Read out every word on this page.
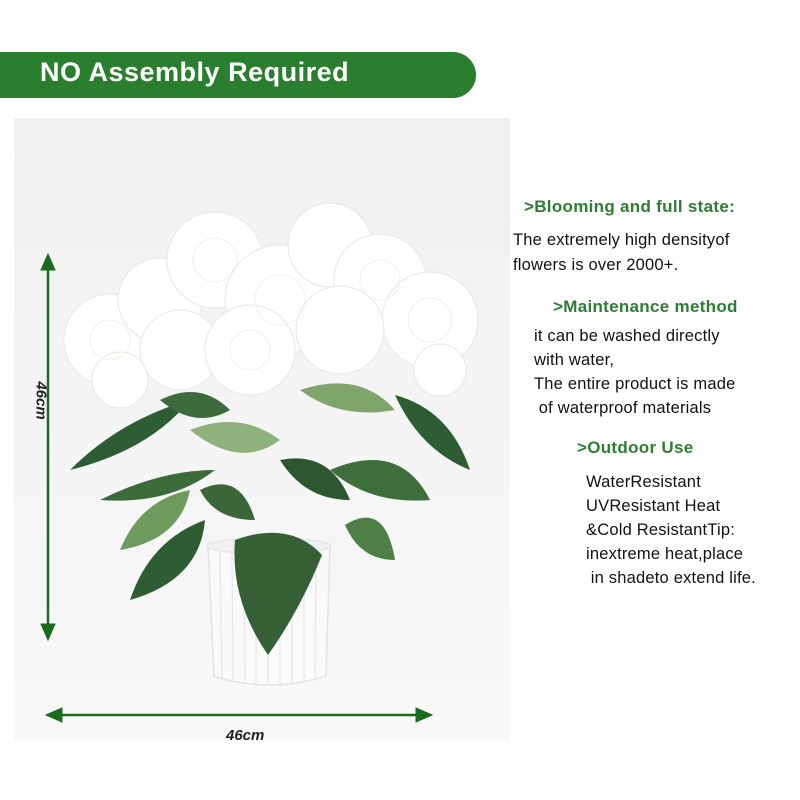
NO Assembly Required
46cm
46cm
>Blooming and full state:
The extremely high densityof
flowers is over 2000+.
>Maintenance method
it can be washed directly
with water,
The entire product is made
of waterproof materials
>Outdoor Use
WaterResistant
UVResistant Heat
&Cold ResistantTip:
inextreme heat,place
in shadeto extend life.
